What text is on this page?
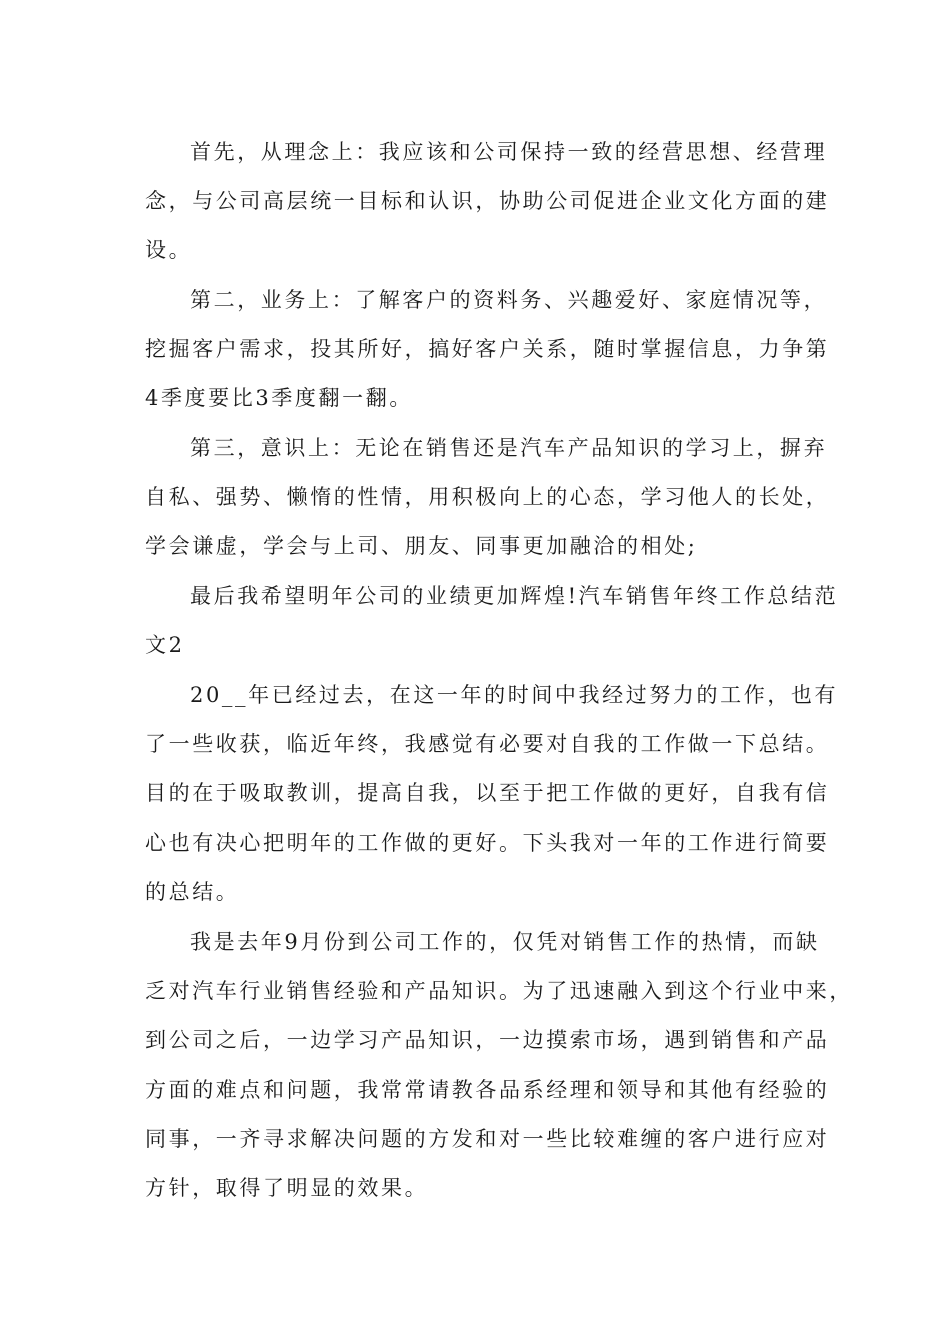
首先，从理念上：我应该和公司保持一致的经营思想、经营理

念，与公司高层统一目标和认识，协助公司促进企业文化方面的建

设。

第二，业务上：了解客户的资料务、兴趣爱好、家庭情况等，

挖掘客户需求，投其所好，搞好客户关系，随时掌握信息，力争第

4季度要比3季度翻一翻。

第三，意识上：无论在销售还是汽车产品知识的学习上，摒弃

自私、强势、懒惰的性情，用积极向上的心态，学习他人的长处，

学会谦虚，学会与上司、朋友、同事更加融洽的相处;

最后我希望明年公司的业绩更加辉煌!汽车销售年终工作总结范

文2

20__年已经过去，在这一年的时间中我经过努力的工作，也有

了一些收获，临近年终，我感觉有必要对自我的工作做一下总结。

目的在于吸取教训，提高自我，以至于把工作做的更好，自我有信

心也有决心把明年的工作做的更好。下头我对一年的工作进行简要

的总结。

我是去年9月份到公司工作的，仅凭对销售工作的热情，而缺

乏对汽车行业销售经验和产品知识。为了迅速融入到这个行业中来，

到公司之后，一边学习产品知识，一边摸索市场，遇到销售和产品

方面的难点和问题，我常常请教各品系经理和领导和其他有经验的

同事，一齐寻求解决问题的方发和对一些比较难缠的客户进行应对

方针，取得了明显的效果。
